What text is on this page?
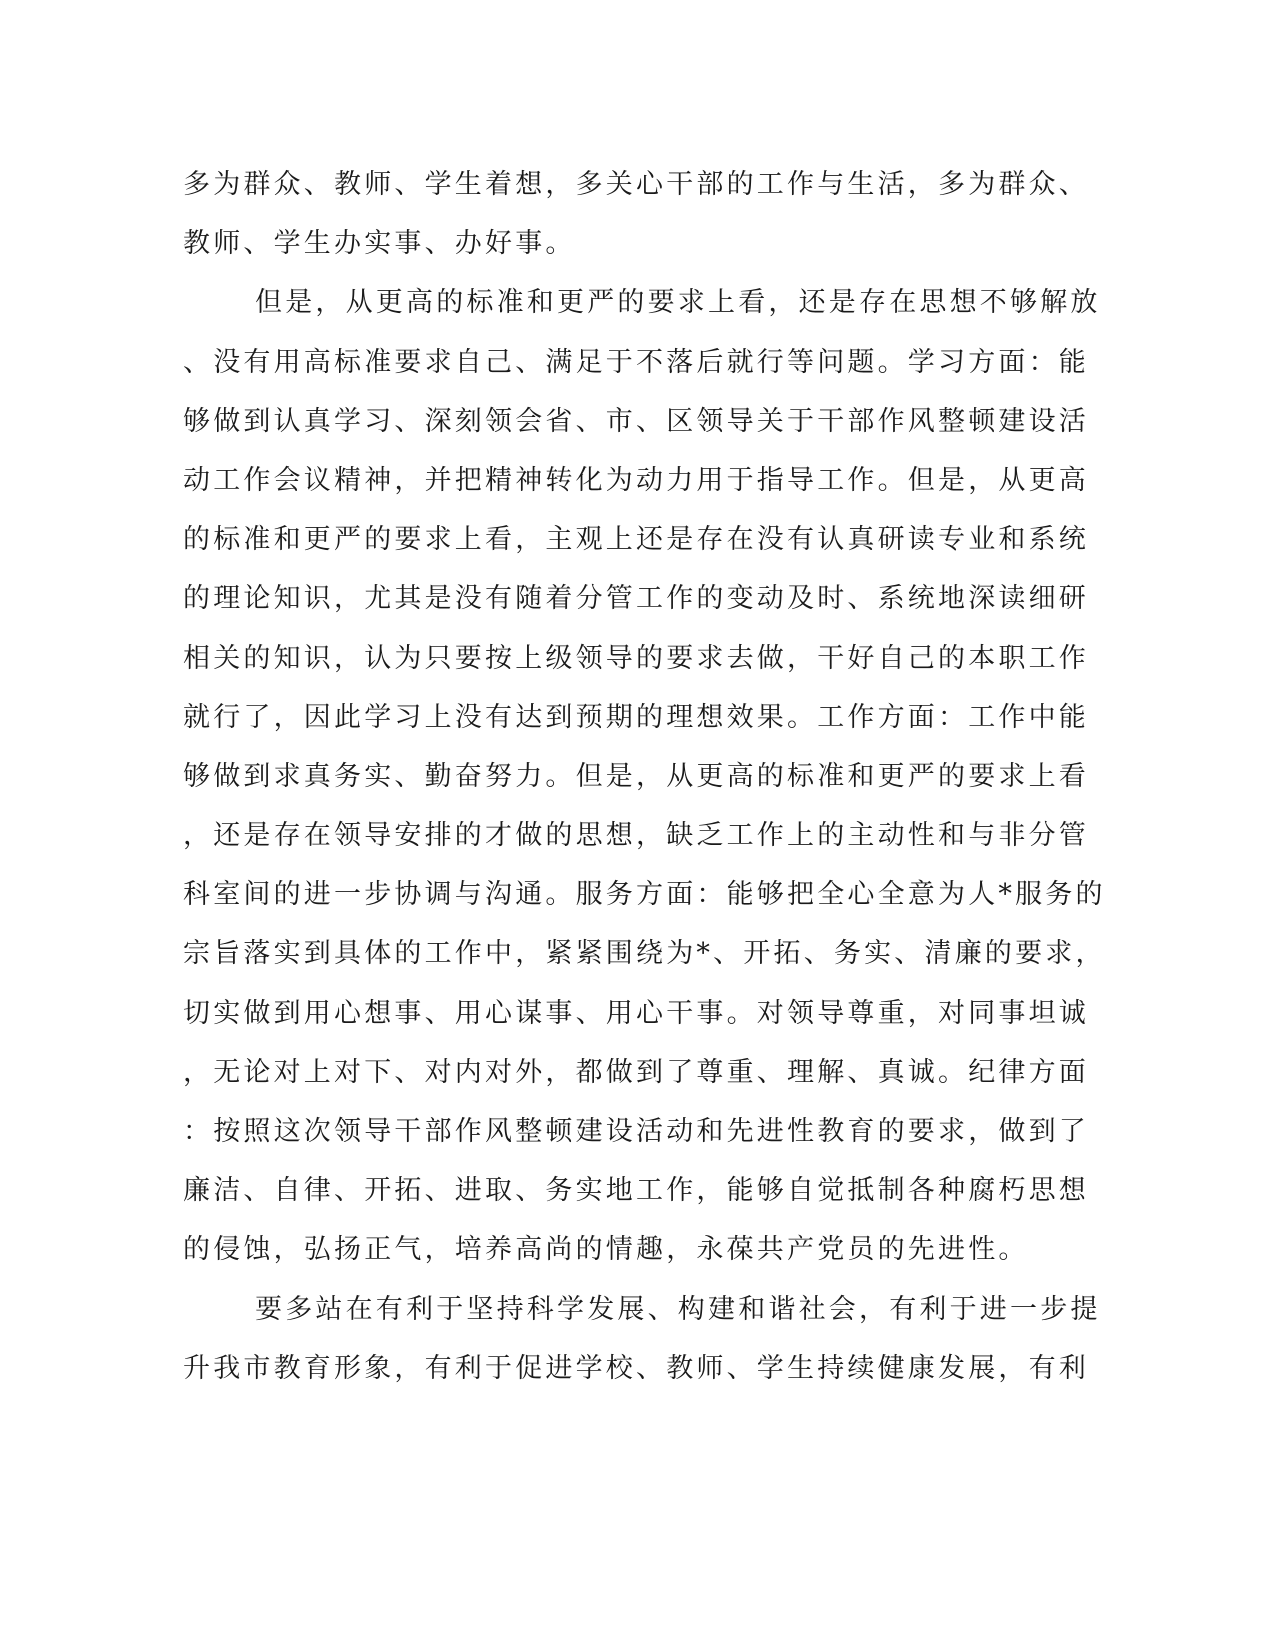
多为群众、教师、学生着想，多关心干部的工作与生活，多为群众、
教师、学生办实事、办好事。
但是，从更高的标准和更严的要求上看，还是存在思想不够解放
、没有用高标准要求自己、满足于不落后就行等问题。学习方面：能
够做到认真学习、深刻领会省、市、区领导关于干部作风整顿建设活
动工作会议精神，并把精神转化为动力用于指导工作。但是，从更高
的标准和更严的要求上看，主观上还是存在没有认真研读专业和系统
的理论知识，尤其是没有随着分管工作的变动及时、系统地深读细研
相关的知识，认为只要按上级领导的要求去做，干好自己的本职工作
就行了，因此学习上没有达到预期的理想效果。工作方面：工作中能
够做到求真务实、勤奋努力。但是，从更高的标准和更严的要求上看
，还是存在领导安排的才做的思想，缺乏工作上的主动性和与非分管
科室间的进一步协调与沟通。服务方面：能够把全心全意为人*服务的
宗旨落实到具体的工作中，紧紧围绕为*、开拓、务实、清廉的要求，
切实做到用心想事、用心谋事、用心干事。对领导尊重，对同事坦诚
，无论对上对下、对内对外，都做到了尊重、理解、真诚。纪律方面
：按照这次领导干部作风整顿建设活动和先进性教育的要求，做到了
廉洁、自律、开拓、进取、务实地工作，能够自觉抵制各种腐朽思想
的侵蚀，弘扬正气，培养高尚的情趣，永葆共产党员的先进性。
要多站在有利于坚持科学发展、构建和谐社会，有利于进一步提
升我市教育形象，有利于促进学校、教师、学生持续健康发展，有利
